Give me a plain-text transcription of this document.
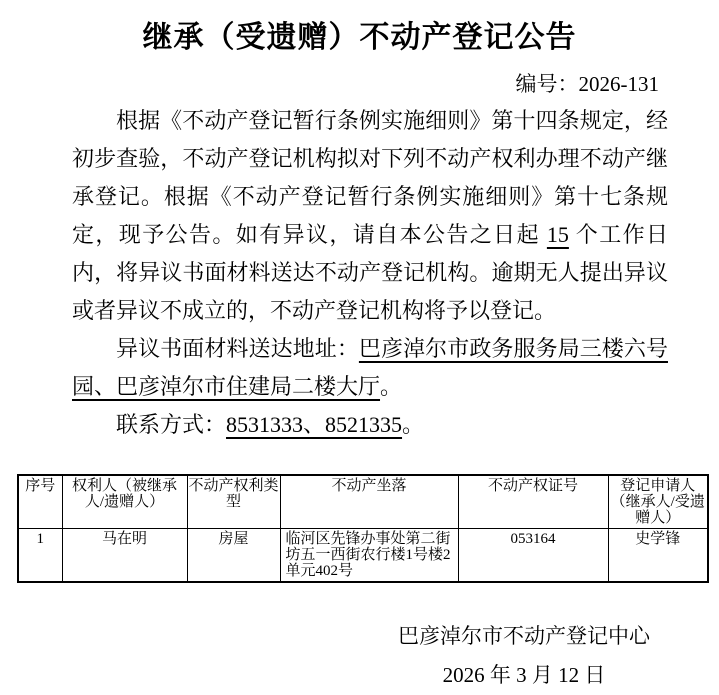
继承（受遗赠）不动产登记公告
编号：2026-131

根据《不动产登记暂行条例实施细则》第十四条规定，经初步查验，不动产登记机构拟对下列不动产权利办理不动产继承登记。根据《不动产登记暂行条例实施细则》第十七条规定，现予公告。如有异议，请自本公告之日起 15 个工作日内，将异议书面材料送达不动产登记机构。逾期无人提出异议或者异议不成立的，不动产登记机构将予以登记。

异议书面材料送达地址：巴彦淖尔市政务服务局三楼六号园、巴彦淖尔市住建局二楼大厅。

联系方式：8531333、8521335。

序号	权利人（被继承人/遗赠人）	不动产权利类型	不动产坐落	不动产权证号	登记申请人（继承人/受遗赠人）
1	马在明	房屋	临河区先锋办事处第二街坊五一西街农行楼1号楼2单元402号	053164	史学锋
巴彦淖尔市不动产登记中心
2026 年 3 月 12 日
